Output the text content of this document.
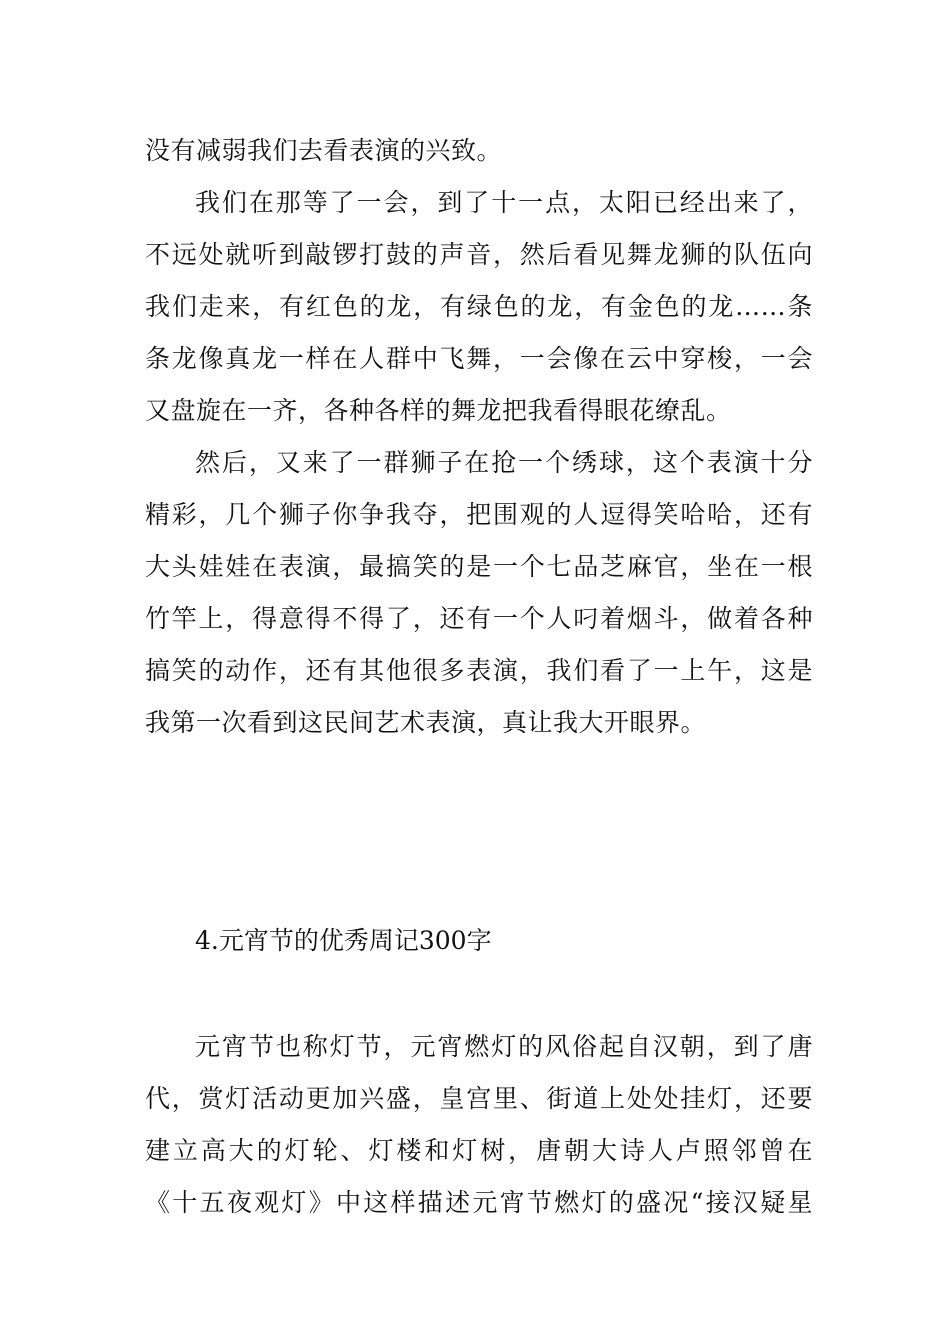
没有减弱我们去看表演的兴致。
我们在那等了一会，到了十一点，太阳已经出来了，
不远处就听到敲锣打鼓的声音，然后看见舞龙狮的队伍向
我们走来，有红色的龙，有绿色的龙，有金色的龙……条
条龙像真龙一样在人群中飞舞，一会像在云中穿梭，一会
又盘旋在一齐，各种各样的舞龙把我看得眼花缭乱。
然后，又来了一群狮子在抢一个绣球，这个表演十分
精彩，几个狮子你争我夺，把围观的人逗得笑哈哈，还有
大头娃娃在表演，最搞笑的是一个七品芝麻官，坐在一根
竹竿上，得意得不得了，还有一个人叼着烟斗，做着各种
搞笑的动作，还有其他很多表演，我们看了一上午，这是
我第一次看到这民间艺术表演，真让我大开眼界。
4.元宵节的优秀周记300字
元宵节也称灯节，元宵燃灯的风俗起自汉朝，到了唐
代，赏灯活动更加兴盛，皇宫里、街道上处处挂灯，还要
建立高大的灯轮、灯楼和灯树，唐朝大诗人卢照邻曾在
《十五夜观灯》中这样描述元宵节燃灯的盛况“接汉疑星
